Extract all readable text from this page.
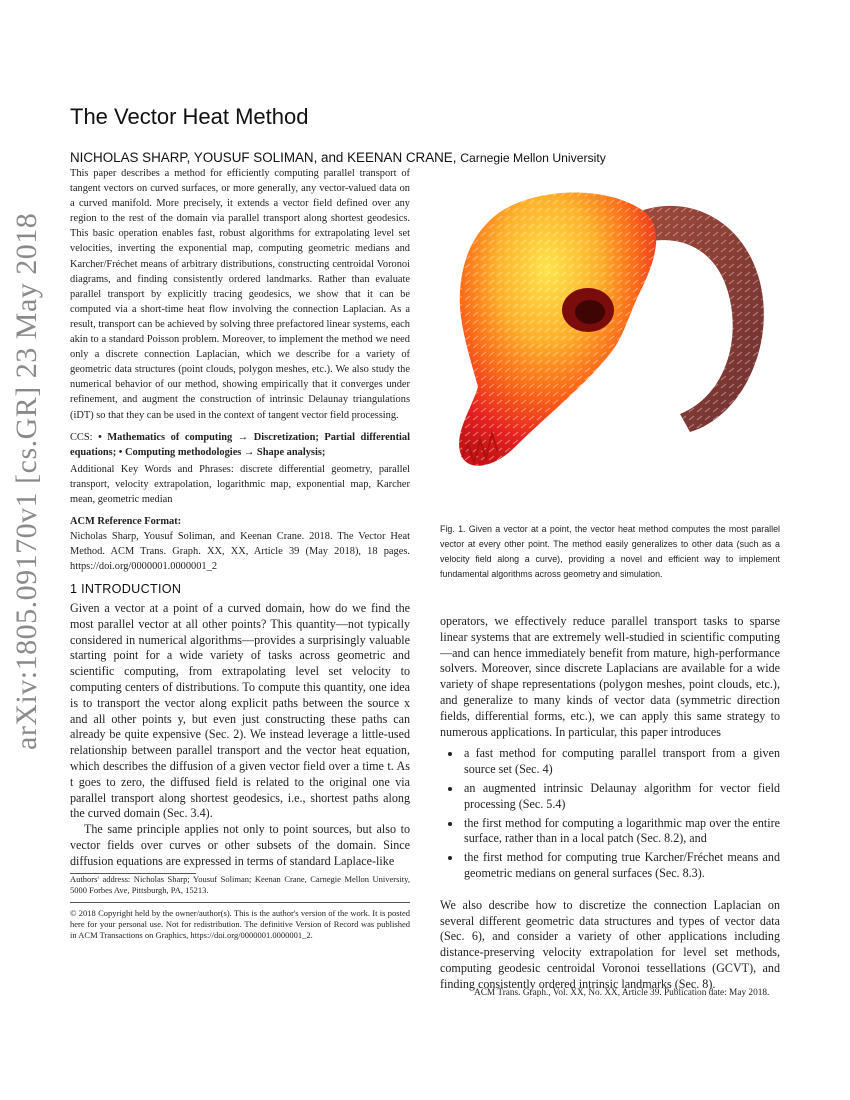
arXiv:1805.09170v1 [cs.GR] 23 May 2018
The Vector Heat Method
NICHOLAS SHARP, YOUSUF SOLIMAN, and KEENAN CRANE, Carnegie Mellon University
This paper describes a method for efficiently computing parallel transport of tangent vectors on curved surfaces, or more generally, any vector-valued data on a curved manifold. More precisely, it extends a vector field defined over any region to the rest of the domain via parallel transport along shortest geodesics. This basic operation enables fast, robust algorithms for extrapolating level set velocities, inverting the exponential map, computing geometric medians and Karcher/Fréchet means of arbitrary distributions, constructing centroidal Voronoi diagrams, and finding consistently ordered landmarks. Rather than evaluate parallel transport by explicitly tracing geodesics, we show that it can be computed via a short-time heat flow involving the connection Laplacian. As a result, transport can be achieved by solving three prefactored linear systems, each akin to a standard Poisson problem. Moreover, to implement the method we need only a discrete connection Laplacian, which we describe for a variety of geometric data structures (point clouds, polygon meshes, etc.). We also study the numerical behavior of our method, showing empirically that it converges under refinement, and augment the construction of intrinsic Delaunay triangulations (iDT) so that they can be used in the context of tangent vector field processing.
CCS: • Mathematics of computing → Discretization; Partial differential equations; • Computing methodologies → Shape analysis;
Additional Key Words and Phrases: discrete differential geometry, parallel transport, velocity extrapolation, logarithmic map, exponential map, Karcher mean, geometric median
ACM Reference Format:
Nicholas Sharp, Yousuf Soliman, and Keenan Crane. 2018. The Vector Heat Method. ACM Trans. Graph. XX, XX, Article 39 (May 2018), 18 pages. https://doi.org/0000001.0000001_2
1 INTRODUCTION

Given a vector at a point of a curved domain, how do we find the most parallel vector at all other points? This quantity—not typically considered in numerical algorithms—provides a surprisingly valuable starting point for a wide variety of tasks across geometric and scientific computing, from extrapolating level set velocity to computing centers of distributions. To compute this quantity, one idea is to transport the vector along explicit paths between the source x and all other points y, but even just constructing these paths can already be quite expensive (Sec. 2). We instead leverage a little-used relationship between parallel transport and the vector heat equation, which describes the diffusion of a given vector field over a time t. As t goes to zero, the diffused field is related to the original one via parallel transport along shortest geodesics, i.e., shortest paths along the curved domain (Sec. 3.4).

The same principle applies not only to point sources, but also to vector fields over curves or other subsets of the domain. Since diffusion equations are expressed in terms of standard Laplace-like

Authors' address: Nicholas Sharp; Yousuf Soliman; Keenan Crane, Carnegie Mellon University, 5000 Forbes Ave, Pittsburgh, PA, 15213.
© 2018 Copyright held by the owner/author(s). This is the author's version of the work. It is posted here for your personal use. Not for redistribution. The definitive Version of Record was published in ACM Transactions on Graphics, https://doi.org/0000001.0000001_2.
Fig. 1. Given a vector at a point, the vector heat method computes the most parallel vector at every other point. The method easily generalizes to other data (such as a velocity field along a curve), providing a novel and efficient way to implement fundamental algorithms across geometry and simulation.

operators, we effectively reduce parallel transport tasks to sparse linear systems that are extremely well-studied in scientific computing—and can hence immediately benefit from mature, high-performance solvers. Moreover, since discrete Laplacians are available for a wide variety of shape representations (polygon meshes, point clouds, etc.), and generalize to many kinds of vector data (symmetric direction fields, differential forms, etc.), we can apply this same strategy to numerous applications. In particular, this paper introduces

• a fast method for computing parallel transport from a given source set (Sec. 4)
• an augmented intrinsic Delaunay algorithm for vector field processing (Sec. 5.4)
• the first method for computing a logarithmic map over the entire surface, rather than in a local patch (Sec. 8.2), and
• the first method for computing true Karcher/Fréchet means and geometric medians on general surfaces (Sec. 8.3).

We also describe how to discretize the connection Laplacian on several different geometric data structures and types of vector data (Sec. 6), and consider a variety of other applications including distance-preserving velocity extrapolation for level set methods, computing geodesic centroidal Voronoi tessellations (GCVT), and finding consistently ordered intrinsic landmarks (Sec. 8).

ACM Trans. Graph., Vol. XX, No. XX, Article 39. Publication date: May 2018.
